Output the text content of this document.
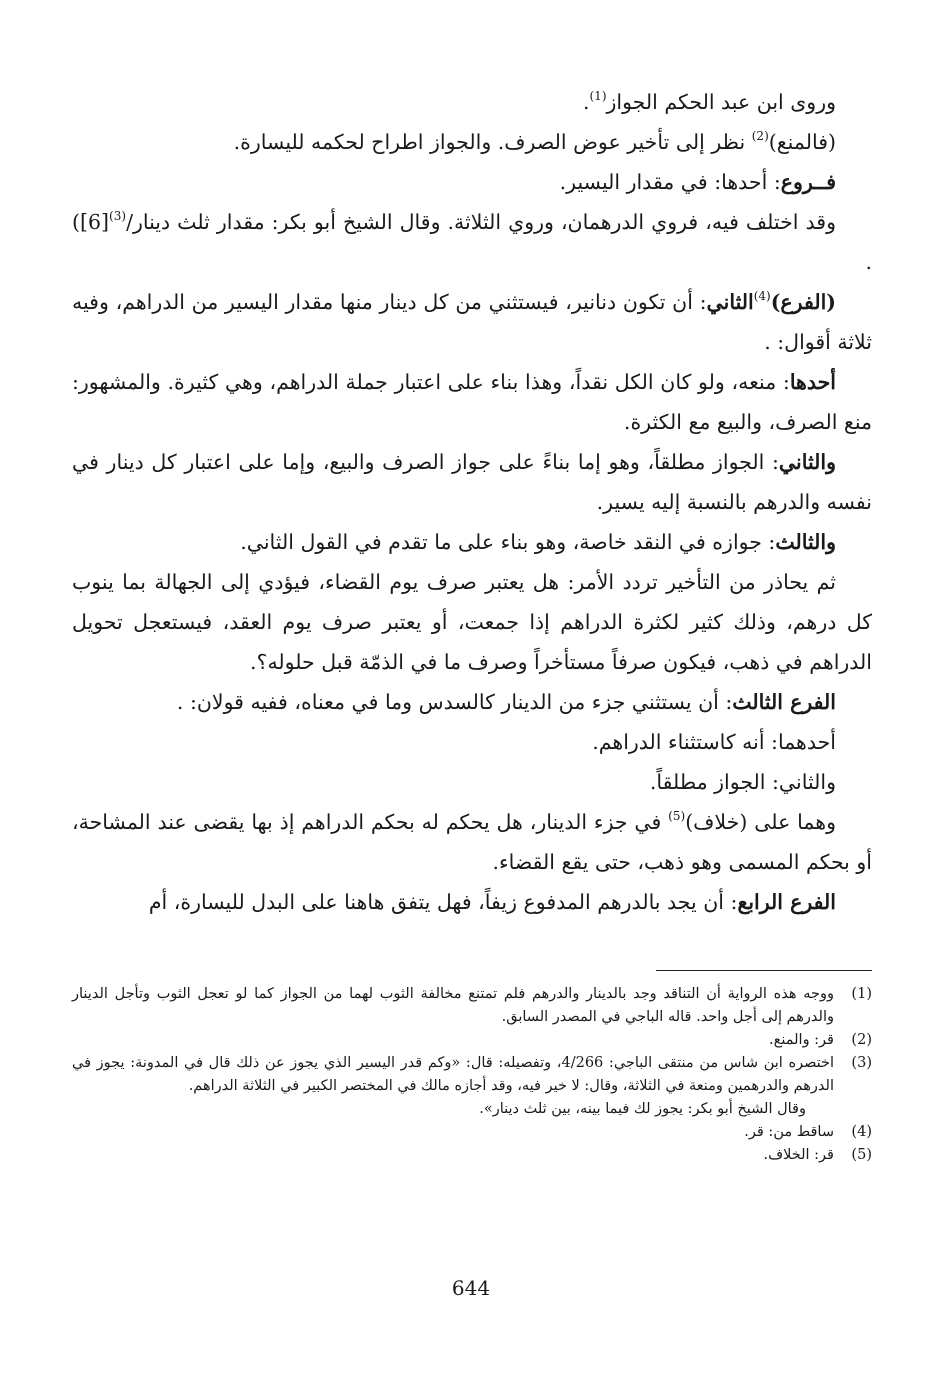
وروى ابن عبد الحكم الجواز$^{(1)}$.

(فالمنع)$^{(2)}$ نظر إلى تأخير عوض الصرف. والجواز اطراح لحكمه لليسارة.

فــروع: أحدها: في مقدار اليسير.

وقد اختلف فيه، فروي الدرهمان، وروي الثلاثة. وقال الشيخ أبو بكر: مقدار ثلث دينار/$^{(3)}$[6]) .

(الفرع)$^{(4)}$الثاني: أن تكون دنانير، فيستثني من كل دينار منها مقدار اليسير من الدراهم، وفيه ثلاثة أقوال: .

أحدها: منعه، ولو كان الكل نقداً، وهذا بناء على اعتبار جملة الدراهم، وهي كثيرة. والمشهور: منع الصرف، والبيع مع الكثرة.

والثاني: الجواز مطلقاً، وهو إما بناءً على جواز الصرف والبيع، وإما على اعتبار كل دينار في نفسه والدرهم بالنسبة إليه يسير.

والثالث: جوازه في النقد خاصة، وهو بناء على ما تقدم في القول الثاني.

ثم يحاذر من التأخير تردد الأمر: هل يعتبر صرف يوم القضاء، فيؤدي إلى الجهالة بما ينوب كل درهم، وذلك كثير لكثرة الدراهم إذا جمعت، أو يعتبر صرف يوم العقد، فيستعجل تحويل الدراهم في ذهب، فيكون صرفاً مستأخراً وصرف ما في الذمّة قبل حلوله؟.

الفرع الثالث: أن يستثني جزء من الدينار كالسدس وما في معناه، ففيه قولان: .

أحدهما: أنه كاستثناء الدراهم.

والثاني: الجواز مطلقاً.

وهما على (خلاف)$^{(5)}$ في جزء الدينار، هل يحكم له بحكم الدراهم إذ بها يقضى عند المشاحة، أو بحكم المسمى وهو ذهب، حتى يقع القضاء.

الفرع الرابع: أن يجد بالدرهم المدفوع زيفاً، فهل يتفق هاهنا على البدل لليسارة، أم

(1)
ووجه هذه الرواية أن التناقد وجد بالدينار والدرهم فلم تمتنع مخالفة الثوب لهما من الجواز كما لو تعجل الثوب وتأجل الدينار والدرهم إلى أجل واحد. قاله الباجي في المصدر السابق.
(2)
قر: والمنع.
(3)
اختصره ابن شاس من منتقى الباجي: 4/266، وتفصيله: قال: «وكم قدر اليسير الذي يجوز عن ذلك قال في المدونة: يجوز في الدرهم والدرهمين ومنعة في الثلاثة، وقال: لا خير فيه، وقد أجازه مالك في المختصر الكبير في الثلاثة الدراهم.
وقال الشيخ أبو بكر: يجوز لك فيما بينه، بين ثلث دينار».
(4)
ساقط من: قر.
(5)
قر: الخلاف.
644
